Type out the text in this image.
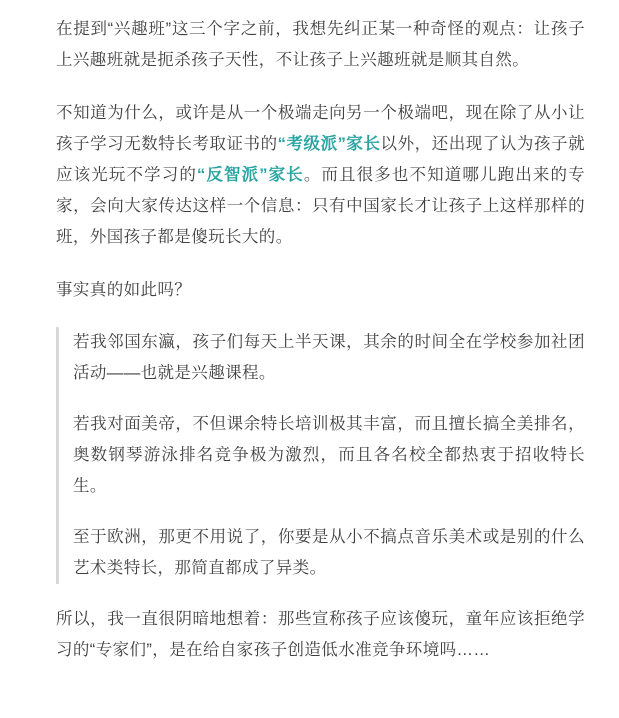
在提到“兴趣班”这三个字之前，我想先纠正某一种奇怪的观点：让孩子上兴趣班就是扼杀孩子天性，不让孩子上兴趣班就是顺其自然。

不知道为什么，或许是从一个极端走向另一个极端吧，现在除了从小让孩子学习无数特长考取证书的“考级派”家长以外，还出现了认为孩子就应该光玩不学习的“反智派”家长。而且很多也不知道哪儿跑出来的专家，会向大家传达这样一个信息：只有中国家长才让孩子上这样那样的班，外国孩子都是傻玩长大的。

事实真的如此吗？

若我邻国东瀛，孩子们每天上半天课，其余的时间全在学校参加社团活动——也就是兴趣课程。

若我对面美帝，不但课余特长培训极其丰富，而且擅长搞全美排名，奥数钢琴游泳排名竞争极为激烈，而且各名校全都热衷于招收特长生。

至于欧洲，那更不用说了，你要是从小不搞点音乐美术或是别的什么艺术类特长，那简直都成了异类。

所以，我一直很阴暗地想着：那些宣称孩子应该傻玩，童年应该拒绝学习的“专家们”，是在给自家孩子创造低水准竞争环境吗……
